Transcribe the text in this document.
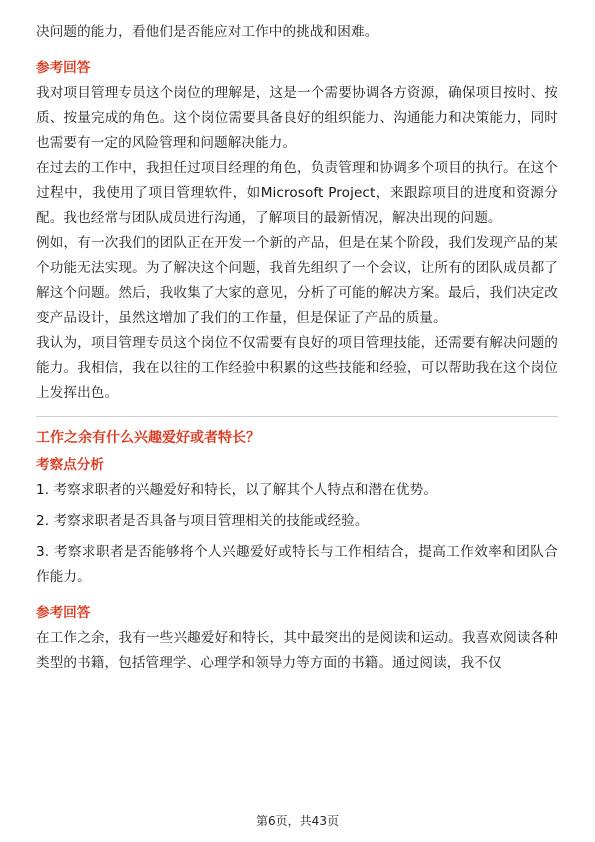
决问题的能力，看他们是否能应对工作中的挑战和困难。

参考回答

我对项目管理专员这个岗位的理解是，这是一个需要协调各方资源，确保项目按时、按质、按量完成的角色。这个岗位需要具备良好的组织能力、沟通能力和决策能力，同时也需要有一定的风险管理和问题解决能力。

在过去的工作中，我担任过项目经理的角色，负责管理和协调多个项目的执行。在这个过程中，我使用了项目管理软件，如Microsoft Project，来跟踪项目的进度和资源分配。我也经常与团队成员进行沟通，了解项目的最新情况，解决出现的问题。

例如，有一次我们的团队正在开发一个新的产品，但是在某个阶段，我们发现产品的某个功能无法实现。为了解决这个问题，我首先组织了一个会议，让所有的团队成员都了解这个问题。然后，我收集了大家的意见，分析了可能的解决方案。最后，我们决定改变产品设计，虽然这增加了我们的工作量，但是保证了产品的质量。

我认为，项目管理专员这个岗位不仅需要有良好的项目管理技能，还需要有解决问题的能力。我相信，我在以往的工作经验中积累的这些技能和经验，可以帮助我在这个岗位上发挥出色。

工作之余有什么兴趣爱好或者特长？
考察点分析

1. 考察求职者的兴趣爱好和特长，以了解其个人特点和潜在优势。

2. 考察求职者是否具备与项目管理相关的技能或经验。

3. 考察求职者是否能够将个人兴趣爱好或特长与工作相结合，提高工作效率和团队合作能力。

参考回答

在工作之余，我有一些兴趣爱好和特长，其中最突出的是阅读和运动。我喜欢阅读各种类型的书籍，包括管理学、心理学和领导力等方面的书籍。通过阅读，我不仅

第6页，共43页
